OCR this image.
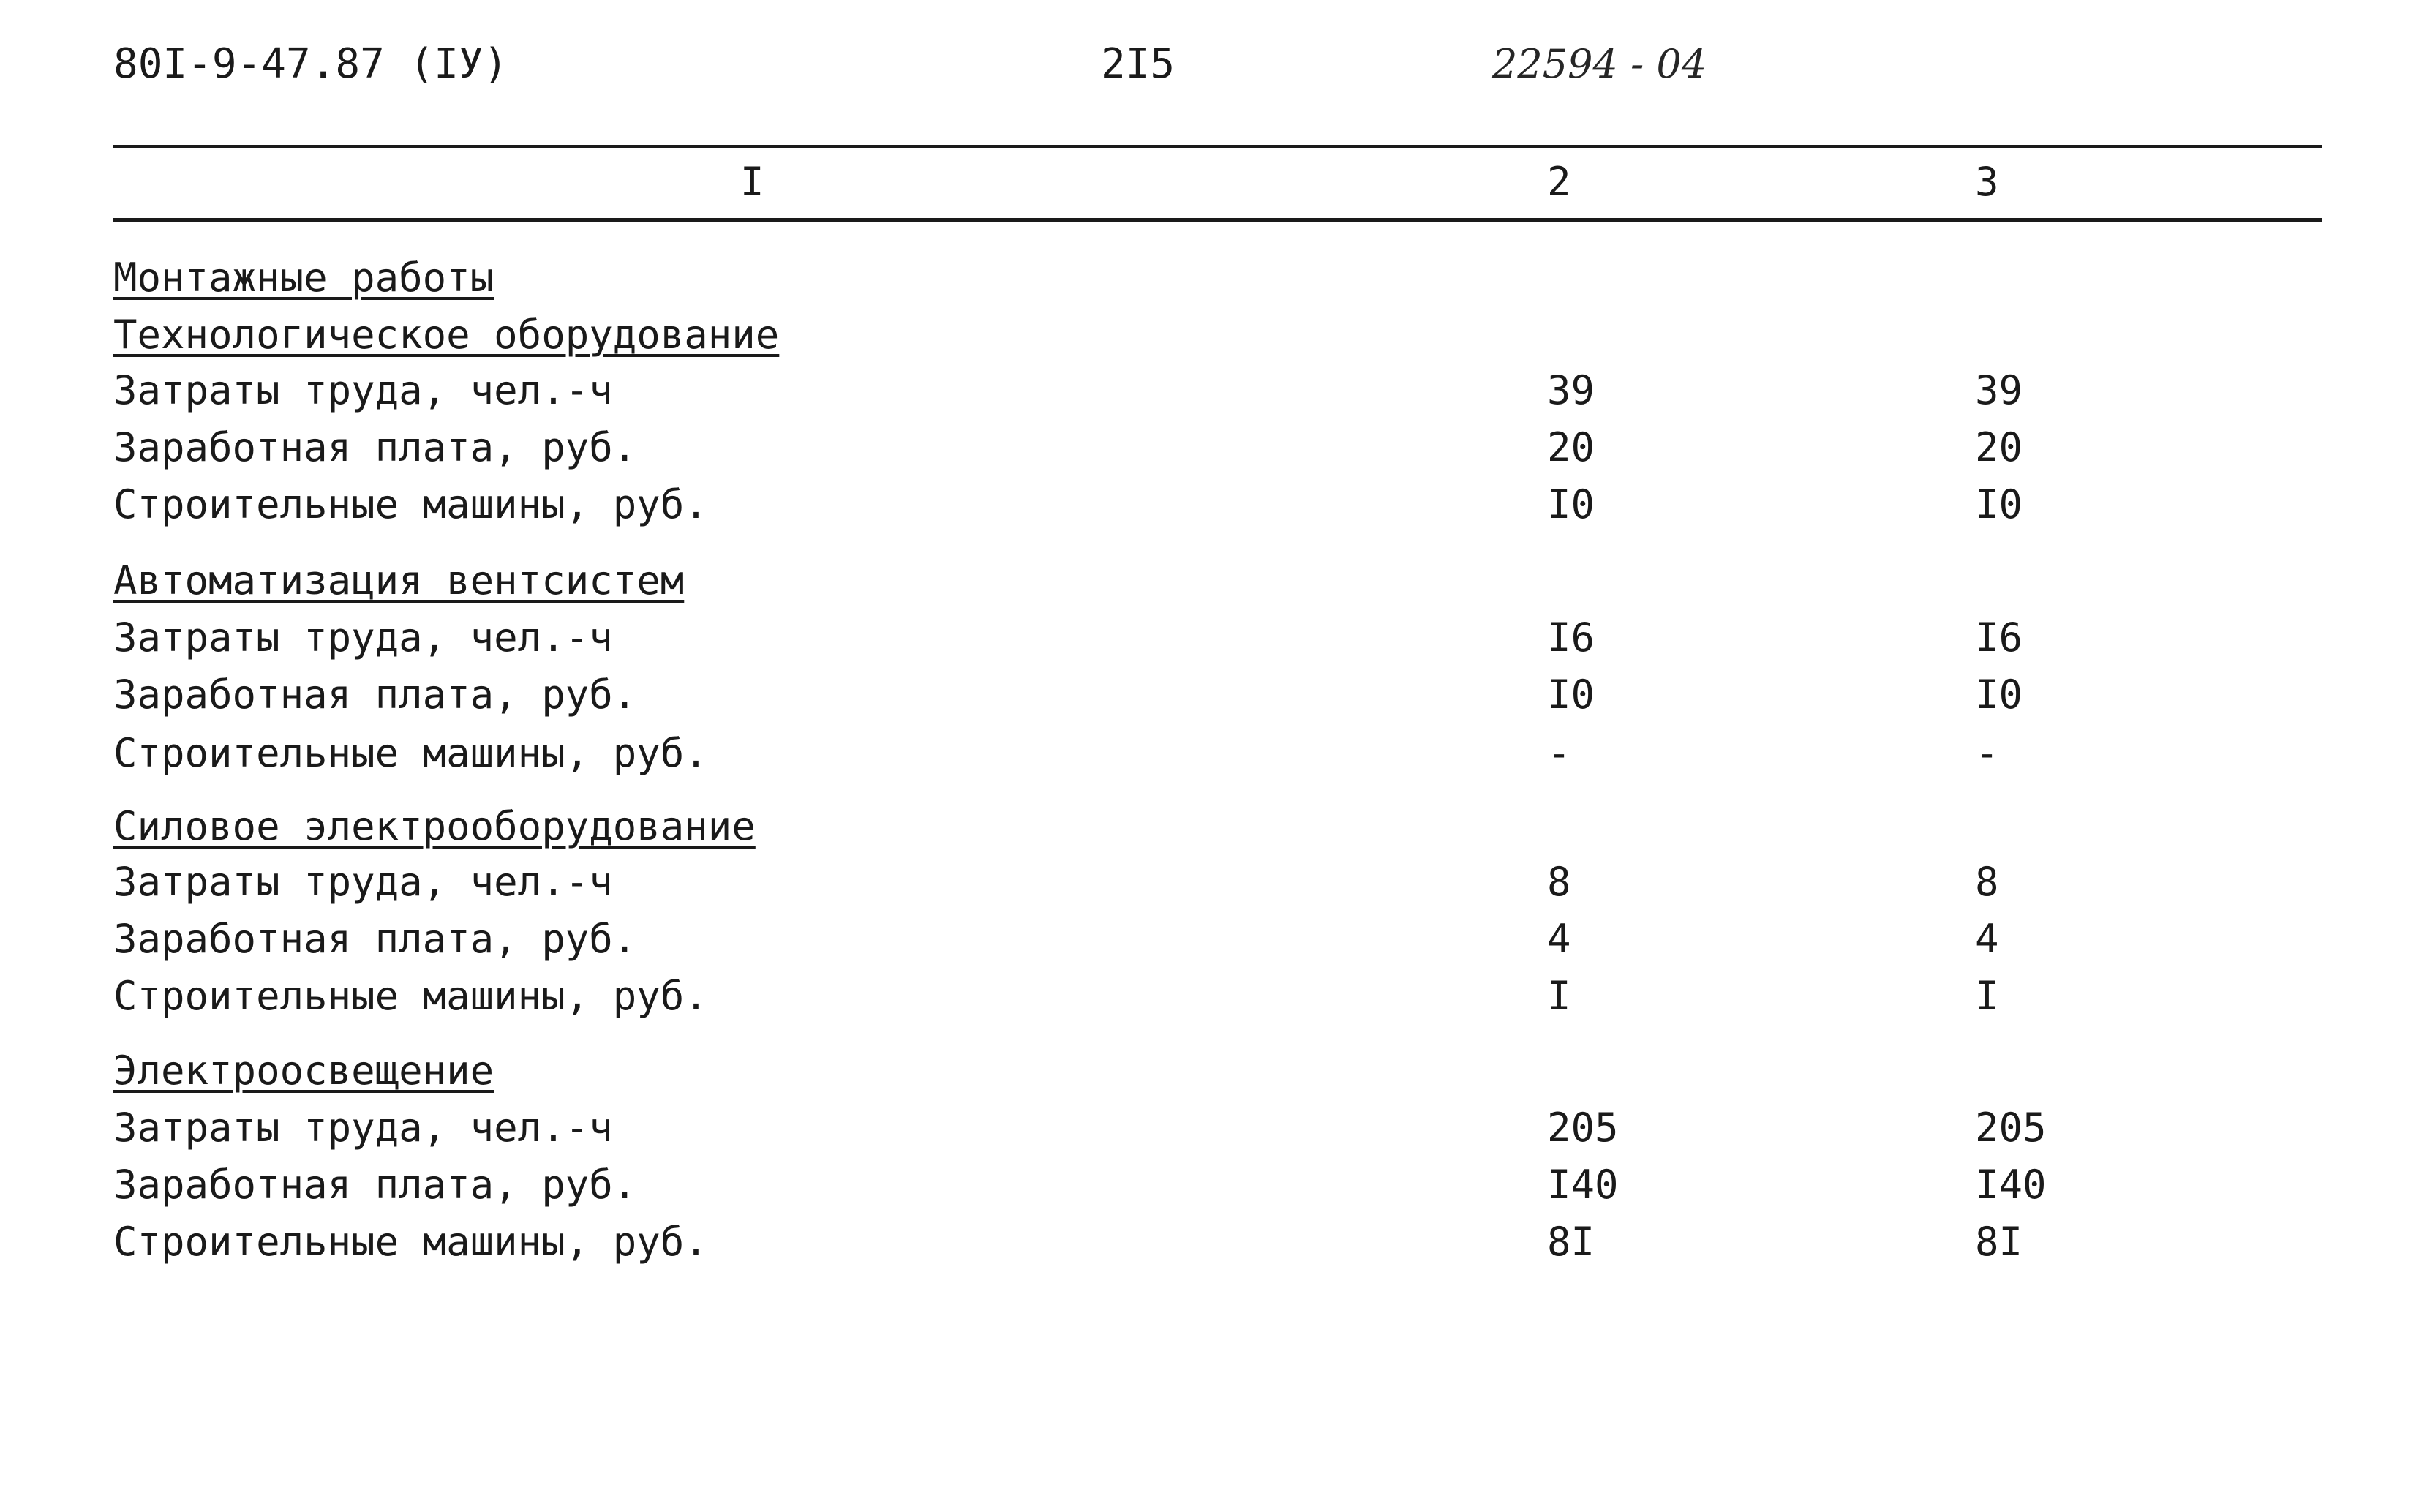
80I-9-47.87 (IУ)	2I5	22594 - 04
I	2	3
Монтажные работы
Технологическое оборудование
Затраты труда, чел.-ч	39	39
Заработная плата, руб.	20	20
Строительные машины, руб.	I0	I0
Автоматизация вентсистем
Затраты труда, чел.-ч	I6	I6
Заработная плата, руб.	I0	I0
Строительные машины, руб.	-	-
Силовое электрооборудование
Затраты труда, чел.-ч	8	8
Заработная плата, руб.	4	4
Строительные машины, руб.	I	I
Электроосвещение
Затраты труда, чел.-ч	205	205
Заработная плата, руб.	I40	I40
Строительные машины, руб.	8I	8I
